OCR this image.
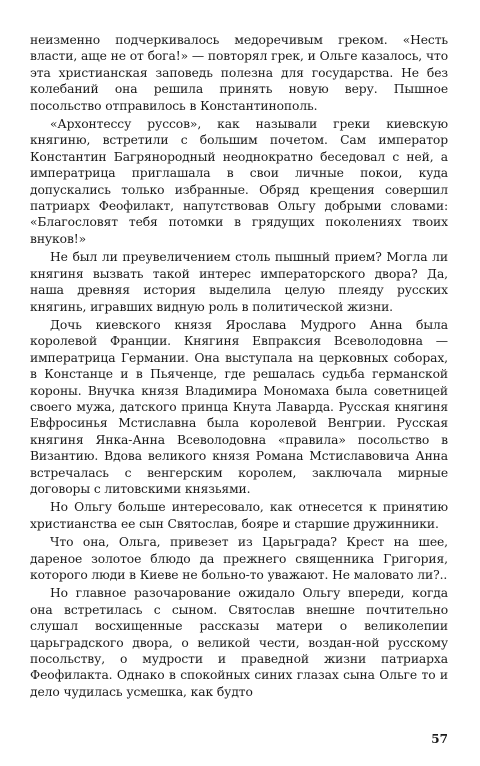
неизменно подчеркивалось медоречивым греком. «Несть власти, аще не от бога!» — повторял грек, и Ольге казалось, что эта христианская заповедь полезна для государства. Не без колебаний она решила принять новую веру. Пышное посольство отправилось в Константинополь.

«Архонтессу руссов», как называли греки киевскую княгиню, встретили с большим почетом. Сам император Константин Багрянородный неоднократно беседовал с ней, а императрица приглашала в свои личные покои, куда допускались только избранные. Обряд крещения совершил патриарх Феофилакт, напутствовав Ольгу добрыми словами: «Благословят тебя потомки в грядущих поколениях твоих внуков!»

Не был ли преувеличением столь пышный прием? Могла ли княгиня вызвать такой интерес императорского двора? Да, наша древняя история выделила целую плеяду русских княгинь, игравших видную роль в политической жизни.

Дочь киевского князя Ярослава Мудрого Анна была королевой Франции. Княгиня Евпраксия Всеволодовна — императрица Германии. Она выступала на церковных соборах, в Констанце и в Пьяченце, где решалась судьба германской короны. Внучка князя Владимира Мономаха была советницей своего мужа, датского принца Кнута Лаварда. Русская княгиня Евфросинья Мстиславна была королевой Венгрии. Русская княгиня Янка-Анна Всеволодовна «правила» посольство в Византию. Вдова великого князя Романа Мстиславовича Анна встречалась с венгерским королем, заключала мирные договоры с литовскими князьями.

Но Ольгу больше интересовало, как отнесется к принятию христианства ее сын Святослав, бояре и старшие дружинники.

Что она, Ольга, привезет из Царьграда? Крест на шее, дареное золотое блюдо да прежнего священника Григория, которого люди в Киеве не больно-то уважают. Не маловато ли?..

Но главное разочарование ожидало Ольгу впереди, когда она встретилась с сыном. Святослав внешне почтительно слушал восхищенные рассказы матери о великолепии царьградского двора, о великой чести, воздан-ной русскому посольству, о мудрости и праведной жизни патриарха Феофилакта. Однако в спокойных синих глазах сына Ольге то и дело чудилась усмешка, как будто

57
